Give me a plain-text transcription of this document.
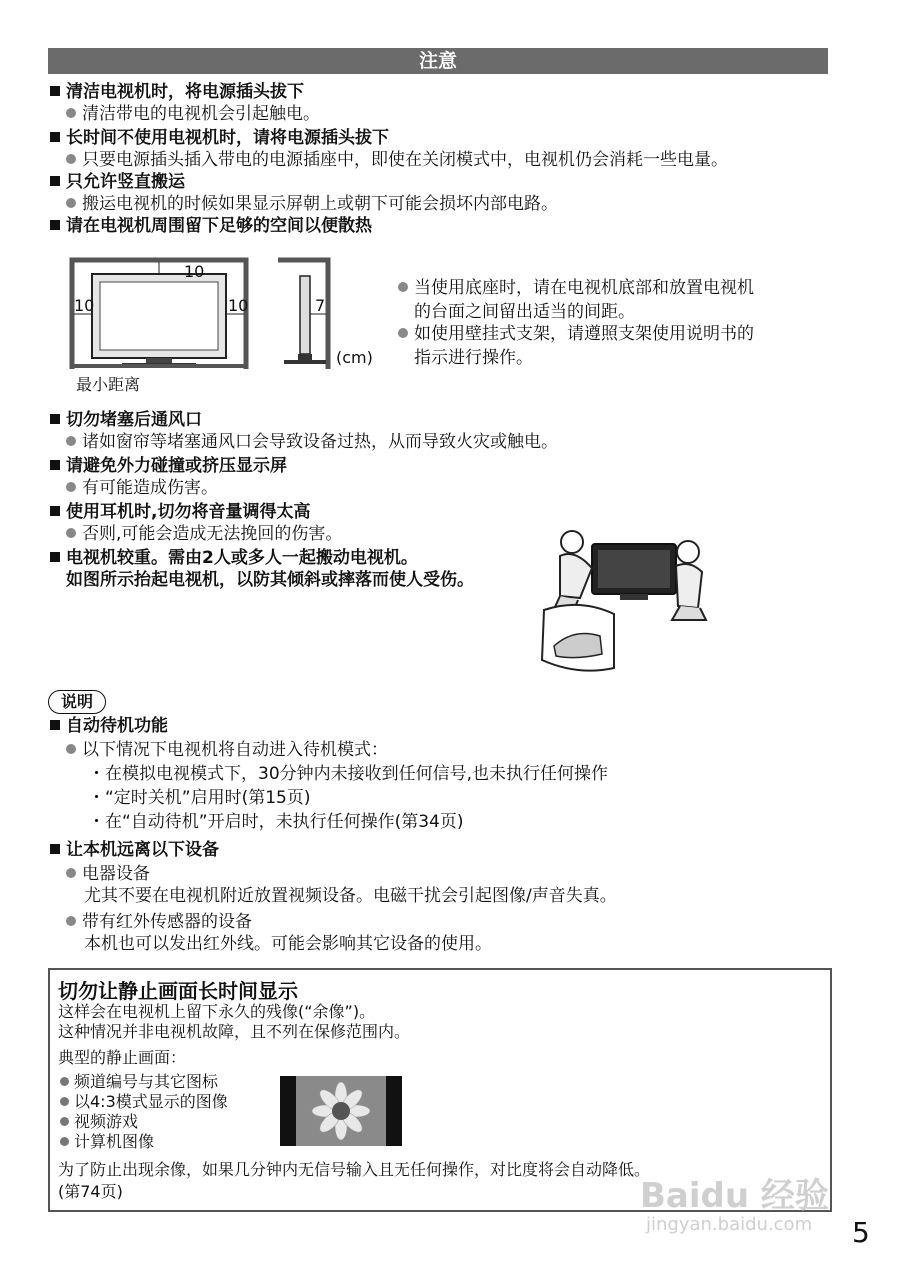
注意
清洁电视机时，将电源插头拔下
清洁带电的电视机会引起触电。
长时间不使用电视机时，请将电源插头拔下
只要电源插头插入带电的电源插座中，即使在关闭模式中，电视机仍会消耗一些电量。
只允许竖直搬运
搬运电视机的时候如果显示屏朝上或朝下可能会损坏内部电路。
请在电视机周围留下足够的空间以便散热
10
10	10	7
(cm)
最小距离
当使用底座时，请在电视机底部和放置电视机
的台面之间留出适当的间距。
如使用壁挂式支架，请遵照支架使用说明书的
指示进行操作。
切勿堵塞后通风口
诸如窗帘等堵塞通风口会导致设备过热，从而导致火灾或触电。
请避免外力碰撞或挤压显示屏
有可能造成伤害。
使用耳机时,切勿将音量调得太高
否则,可能会造成无法挽回的伤害。
电视机较重。需由2人或多人一起搬动电视机。
如图所示抬起电视机，以防其倾斜或摔落而使人受伤。
说明
自动待机功能
以下情况下电视机将自动进入待机模式：
・在模拟电视模式下，30分钟内未接收到任何信号,也未执行任何操作
・“定时关机”启用时(第15页)
・在“自动待机”开启时，未执行任何操作(第34页)
让本机远离以下设备
电器设备
尤其不要在电视机附近放置视频设备。电磁干扰会引起图像/声音失真。
带有红外传感器的设备
本机也可以发出红外线。可能会影响其它设备的使用。
切勿让静止画面长时间显示
这样会在电视机上留下永久的残像(“余像”)。
这种情况并非电视机故障，且不列在保修范围内。
典型的静止画面：
频道编号与其它图标
以4:3模式显示的图像
视频游戏
计算机图像
为了防止出现余像，如果几分钟内无信号输入且无任何操作，对比度将会自动降低。
(第74页)	Baidu 经验
jingyan.baidu.com 5
